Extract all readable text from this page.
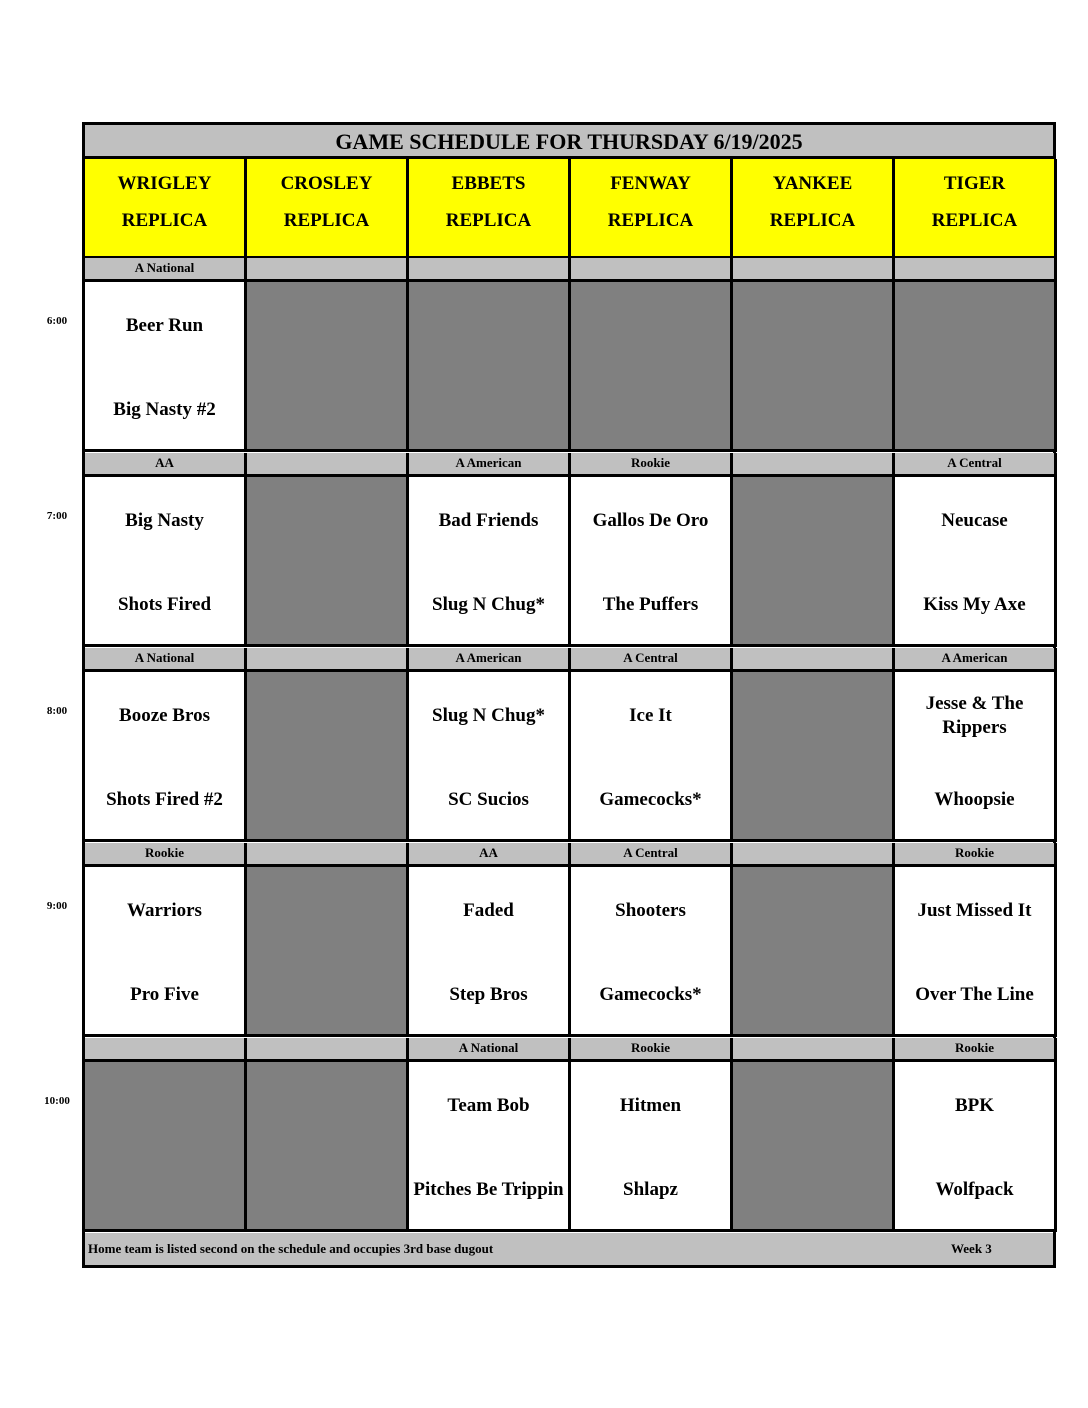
GAME SCHEDULE FOR THURSDAY 6/19/2025
Home team is listed second on the schedule and occupies 3rd base dugout	Week 3
WRIGLEY
REPLICA
CROSLEY
REPLICA
EBBETS
REPLICA
FENWAY
REPLICA
YANKEE
REPLICA
TIGER
REPLICA
A National
Beer Run
Big Nasty #2
AA
Big Nasty
Shots Fired
A American
Bad Friends
Slug N Chug*
Rookie
Gallos De Oro
The Puffers
A Central
Neucase
Kiss My Axe
A National
Booze Bros
Shots Fired #2
A American
Slug N Chug*
SC Sucios
A Central
Ice It
Gamecocks*
A American
Jesse & The Rippers
Whoopsie
Rookie
Warriors
Pro Five
AA
Faded
Step Bros
A Central
Shooters
Gamecocks*
Rookie
Just Missed It
Over The Line
A National
Team Bob
Pitches Be Trippin
Rookie
Hitmen
Shlapz
Rookie
BPK
Wolfpack
6:00
7:00
8:00
9:00
10:00
